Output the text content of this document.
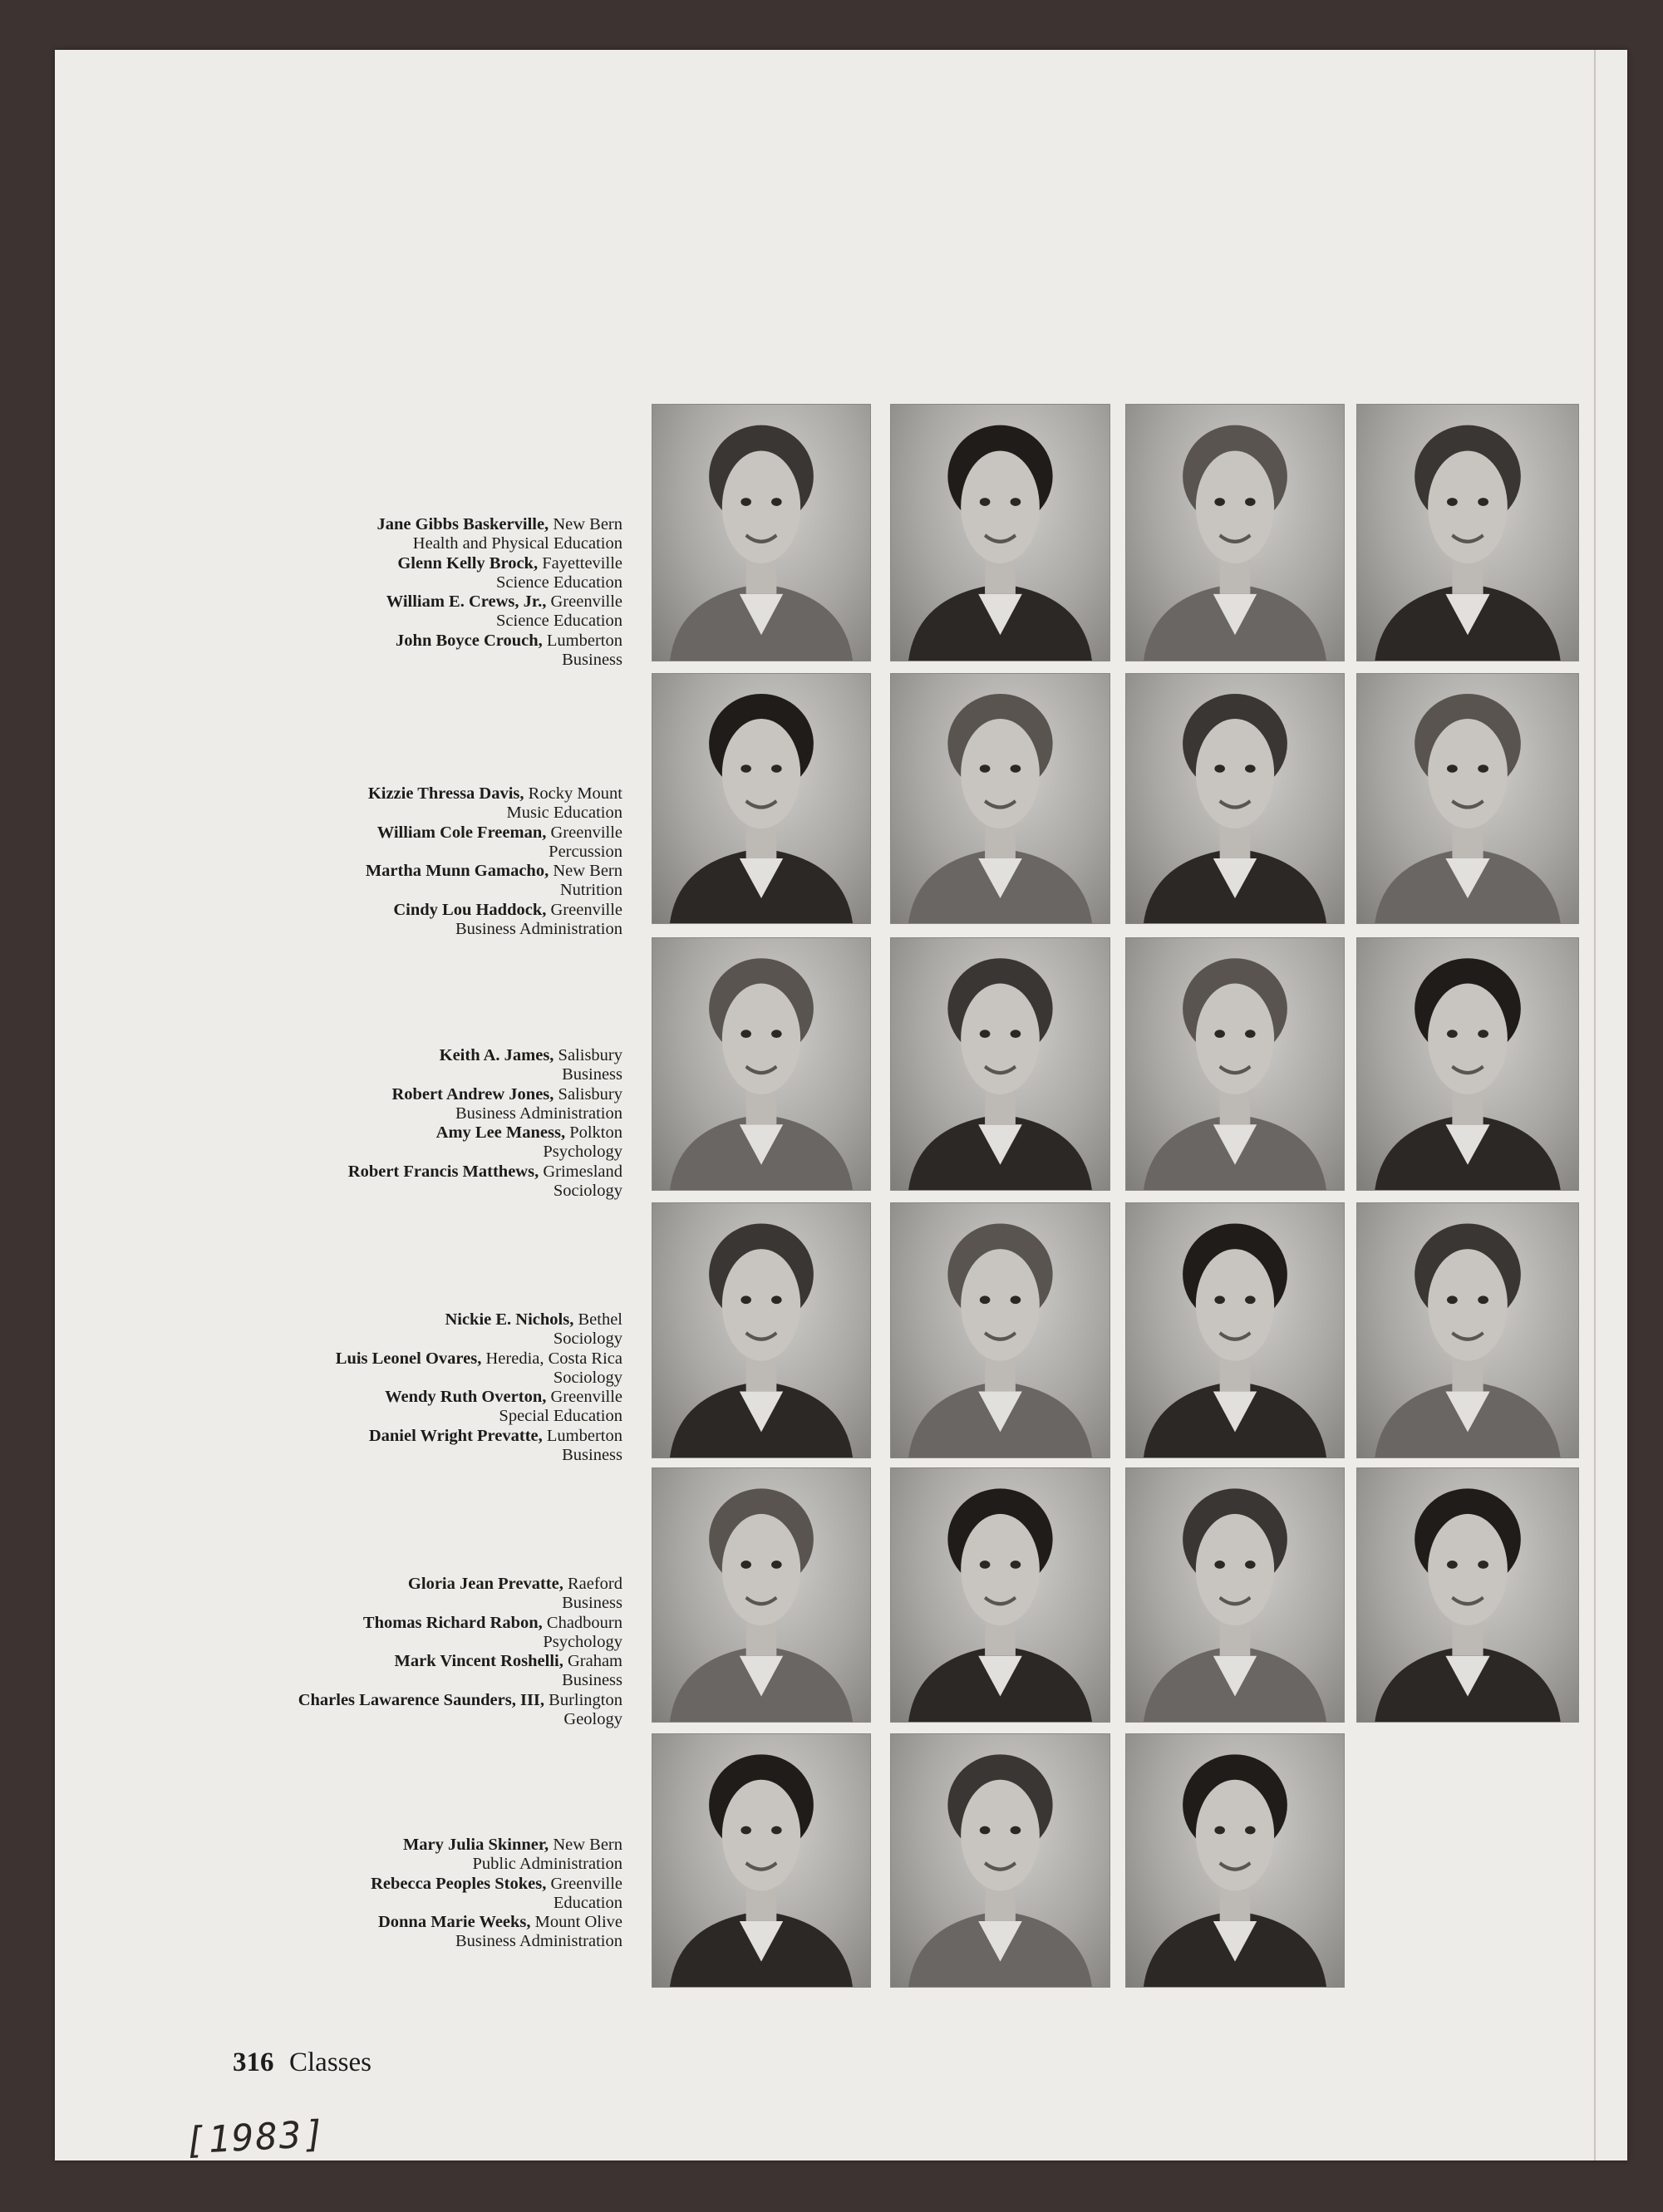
Jane Gibbs Baskerville, New Bern
Health and Physical Education
Glenn Kelly Brock, Fayetteville
Science Education
William E. Crews, Jr., Greenville
Science Education
John Boyce Crouch, Lumberton
Business
Kizzie Thressa Davis, Rocky Mount
Music Education
William Cole Freeman, Greenville
Percussion
Martha Munn Gamacho, New Bern
Nutrition
Cindy Lou Haddock, Greenville
Business Administration
Keith A. James, Salisbury
Business
Robert Andrew Jones, Salisbury
Business Administration
Amy Lee Maness, Polkton
Psychology
Robert Francis Matthews, Grimesland
Sociology
Nickie E. Nichols, Bethel
Sociology
Luis Leonel Ovares, Heredia, Costa Rica
Sociology
Wendy Ruth Overton, Greenville
Special Education
Daniel Wright Prevatte, Lumberton
Business
Gloria Jean Prevatte, Raeford
Business
Thomas Richard Rabon, Chadbourn
Psychology
Mark Vincent Roshelli, Graham
Business
Charles Lawarence Saunders, III, Burlington
Geology
Mary Julia Skinner, New Bern
Public Administration
Rebecca Peoples Stokes, Greenville
Education
Donna Marie Weeks, Mount Olive
Business Administration
316 Classes
[1983]
